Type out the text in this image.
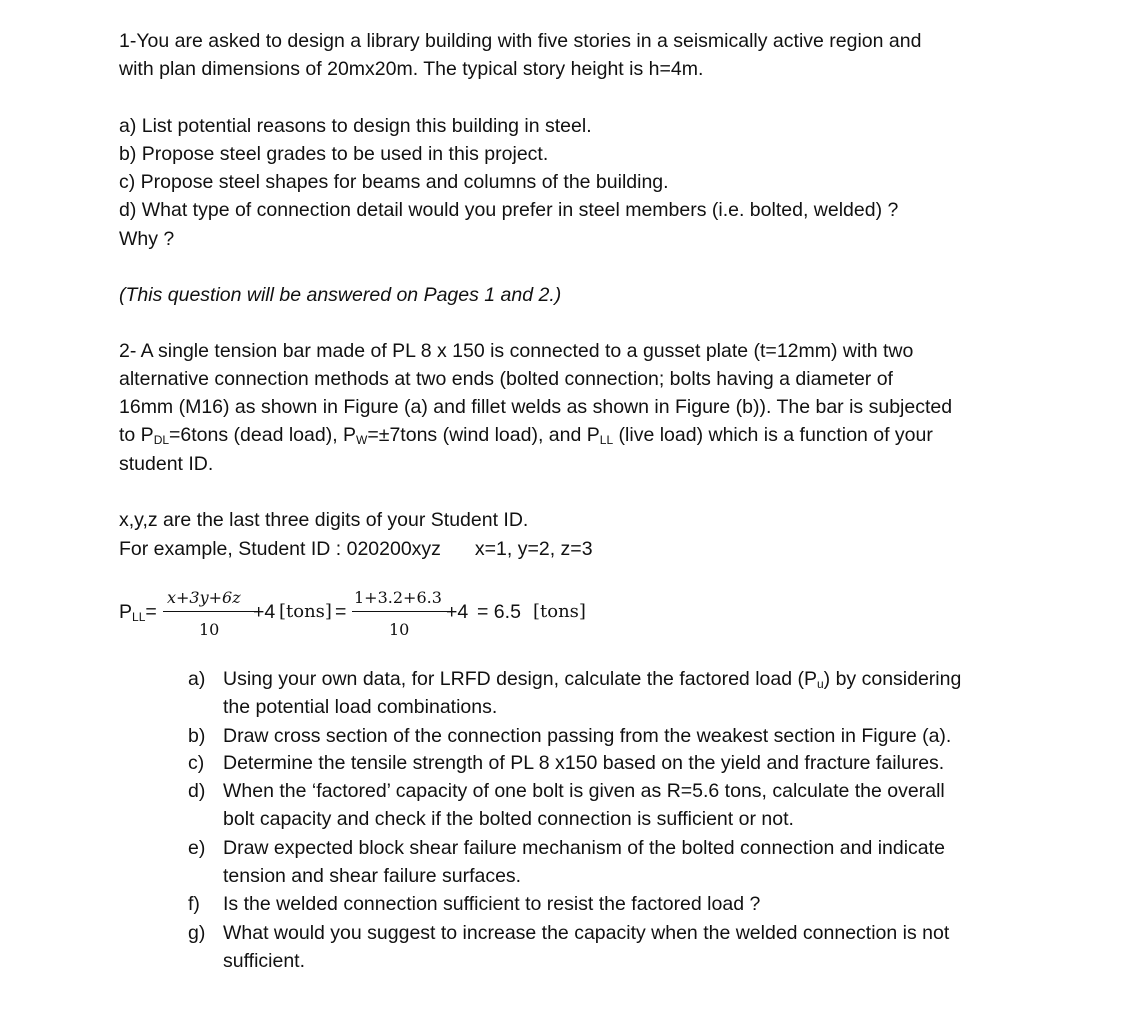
1-You are asked to design a library building with five stories in a seismically active region and
with plan dimensions of 20mx20m. The typical story height is h=4m.
a) List potential reasons to design this building in steel.
b) Propose steel grades to be used in this project.
c) Propose steel shapes for beams and columns of the building.
d) What type of connection detail would you prefer in steel members (i.e. bolted, welded) ?
Why ?
(This question will be answered on Pages 1 and 2.)
2- A single tension bar made of PL 8 x 150 is connected to a gusset plate (t=12mm) with two
alternative connection methods at two ends (bolted connection; bolts having a diameter of
16mm (M16) as shown in Figure (a) and fillet welds as shown in Figure (b)). The bar is subjected
to $P_{DL}=6tons$ (dead load), $P_W=\pm 7tons$ (wind load), and $P_{LL}$ (live load) which is a function of your
student ID.
x,y,z are the last three digits of your Student ID.
For example, Student ID : 020200xyz x=1, y=2, z=3
$P_{LL}=$
x+3y+6z
10
+4 [tons] =
1+3.2+6.3
10
+4 = 6.5 [tons]
a) Using your own data, for LRFD design, calculate the factored load $(P_u)$ by considering
the potential load combinations.
b) Draw cross section of the connection passing from the weakest section in Figure (a).
c) Determine the tensile strength of PL 8 x150 based on the yield and fracture failures.
d) When the ‘factored’ capacity of one bolt is given as R=5.6 tons, calculate the overall
bolt capacity and check if the bolted connection is sufficient or not.
e) Draw expected block shear failure mechanism of the bolted connection and indicate
tension and shear failure surfaces.
f)	Is the welded connection sufficient to resist the factored load ?
g) What would you suggest to increase the capacity when the welded connection is not
sufficient.
